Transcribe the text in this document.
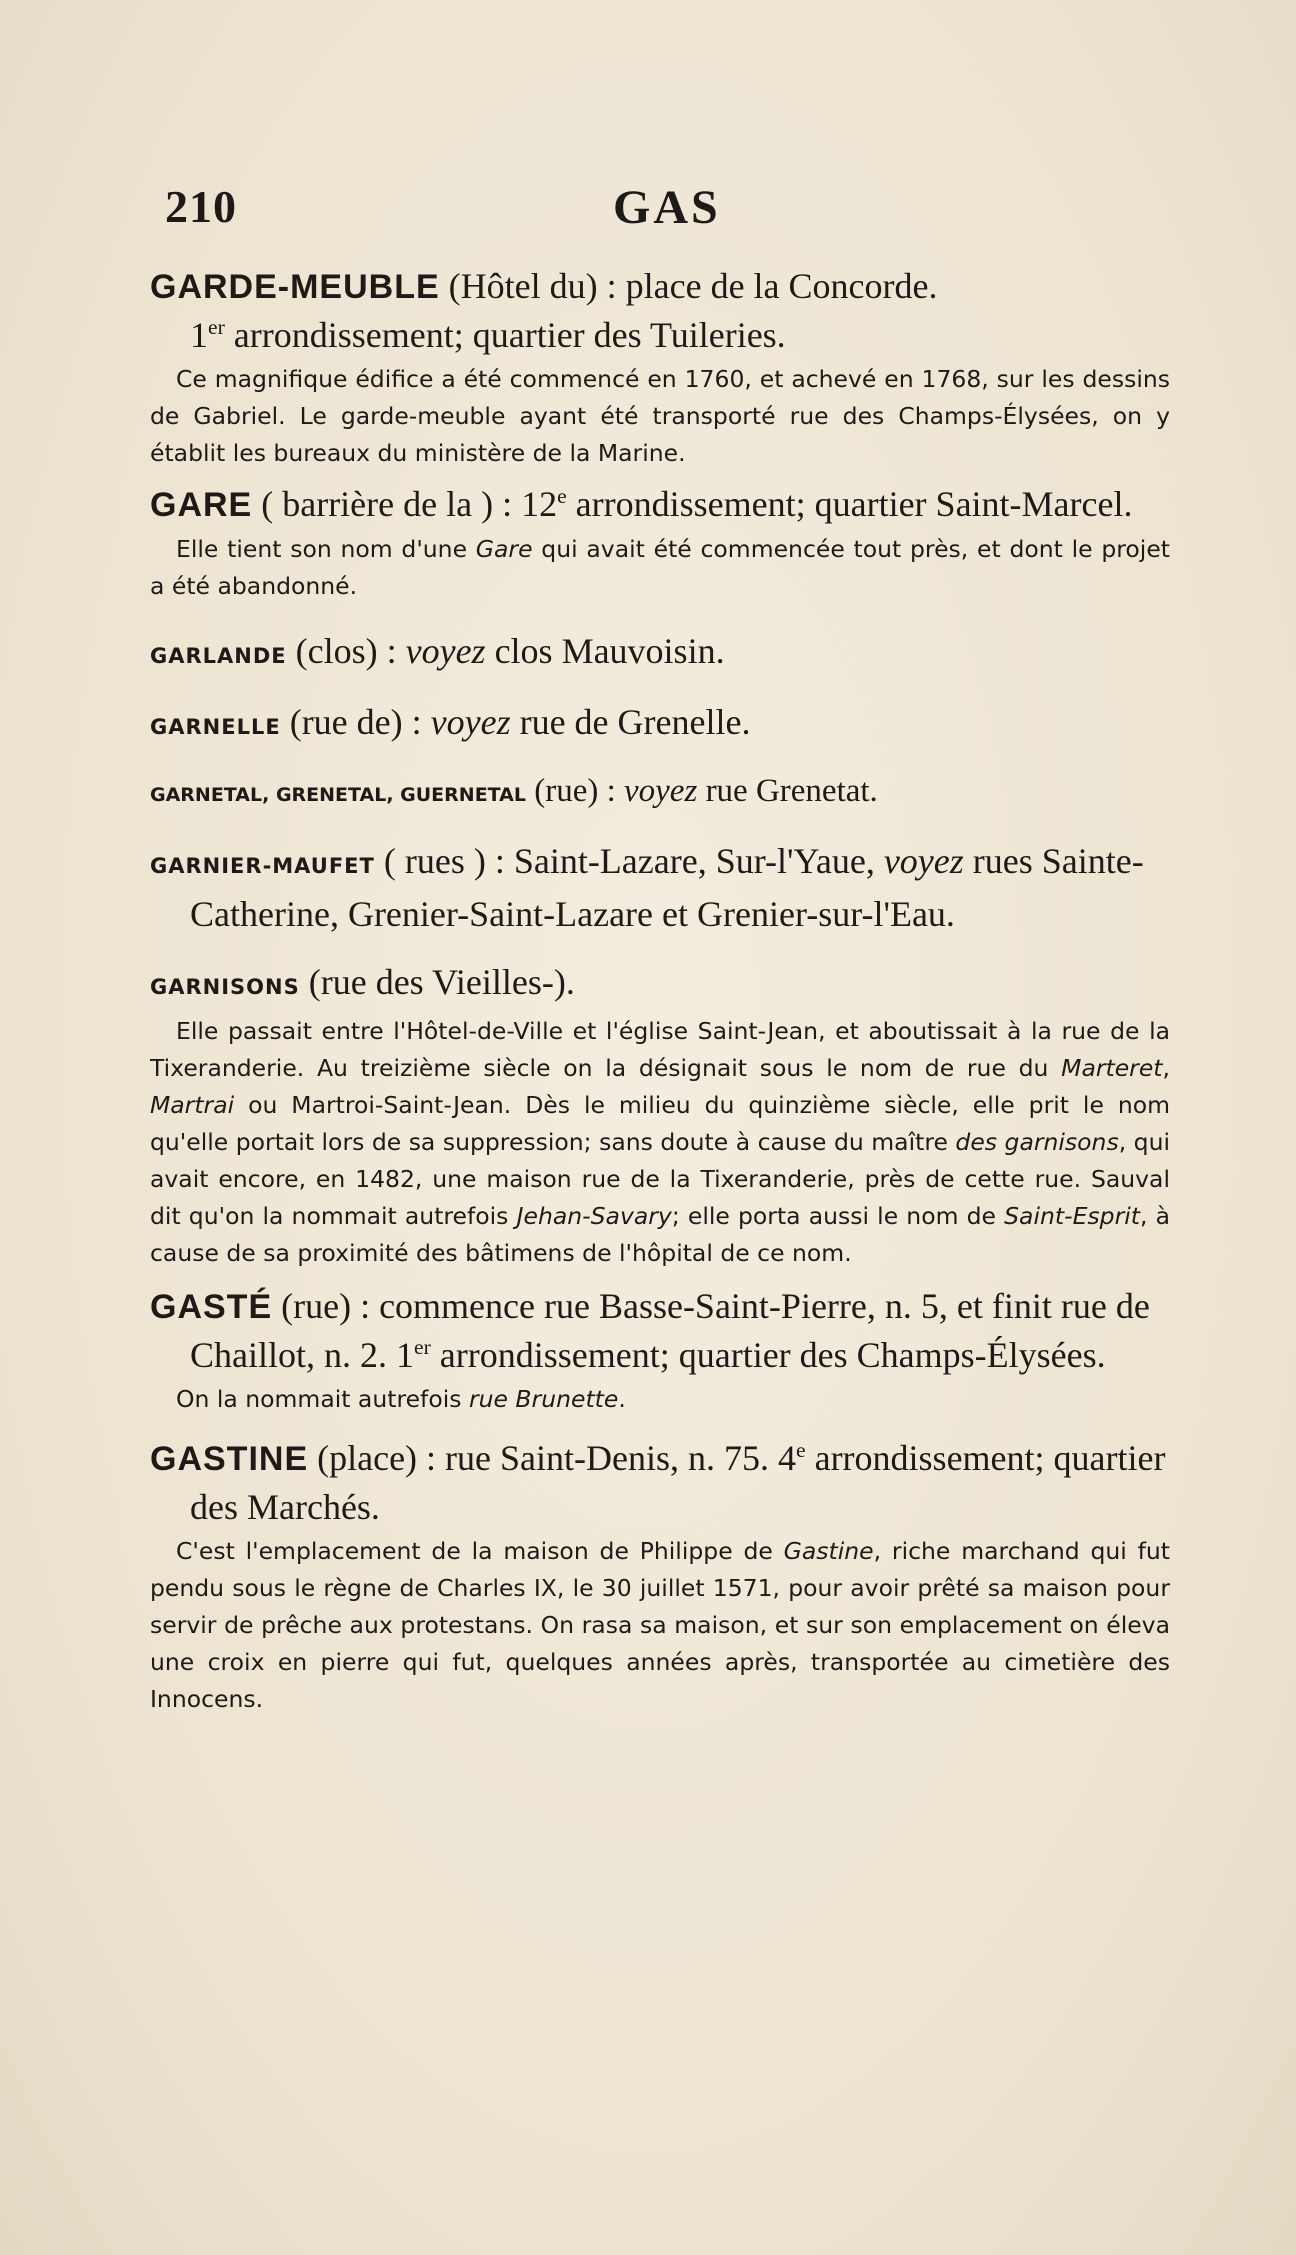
210	GAS

GARDE-MEUBLE (Hôtel du) : place de la Concorde.
1er arrondissement; quartier des Tuileries.

Ce magnifique édifice a été commencé en 1760, et achevé en 1768, sur les dessins de Gabriel. Le garde-meuble ayant été transporté rue des Champs-Élysées, on y établit les bureaux du ministère de la Marine.

GARE ( barrière de la ) : 12e arrondissement; quartier Saint-Marcel.

Elle tient son nom d'une Gare qui avait été commencée tout près, et dont le projet a été abandonné.

GARLANDE (clos) : voyez clos Mauvoisin.

GARNELLE (rue de) : voyez rue de Grenelle.

GARNETAL, GRENETAL, GUERNETAL (rue) : voyez rue Grenetat.

GARNIER-MAUFET ( rues ) : Saint-Lazare, Sur-l'Yaue, voyez rues Sainte-Catherine, Grenier-Saint-Lazare et Grenier-sur-l'Eau.

GARNISONS (rue des Vieilles-).

Elle passait entre l'Hôtel-de-Ville et l'église Saint-Jean, et aboutissait à la rue de la Tixeranderie. Au treizième siècle on la désignait sous le nom de rue du Marteret, Martrai ou Martroi-Saint-Jean. Dès le milieu du quinzième siècle, elle prit le nom qu'elle portait lors de sa suppression; sans doute à cause du maître des garnisons, qui avait encore, en 1482, une maison rue de la Tixeranderie, près de cette rue. Sauval dit qu'on la nommait autrefois Jehan-Savary; elle porta aussi le nom de Saint-Esprit, à cause de sa proximité des bâtimens de l'hôpital de ce nom.

GASTÉ (rue) : commence rue Basse-Saint-Pierre, n. 5, et finit rue de Chaillot, n. 2. 1er arrondissement; quartier des Champs-Élysées.

On la nommait autrefois rue Brunette.

GASTINE (place) : rue Saint-Denis, n. 75. 4e arrondissement; quartier des Marchés.

C'est l'emplacement de la maison de Philippe de Gastine, riche marchand qui fut pendu sous le règne de Charles IX, le 30 juillet 1571, pour avoir prêté sa maison pour servir de prêche aux protestans. On rasa sa maison, et sur son emplacement on éleva une croix en pierre qui fut, quelques années après, transportée au cimetière des Innocens.
